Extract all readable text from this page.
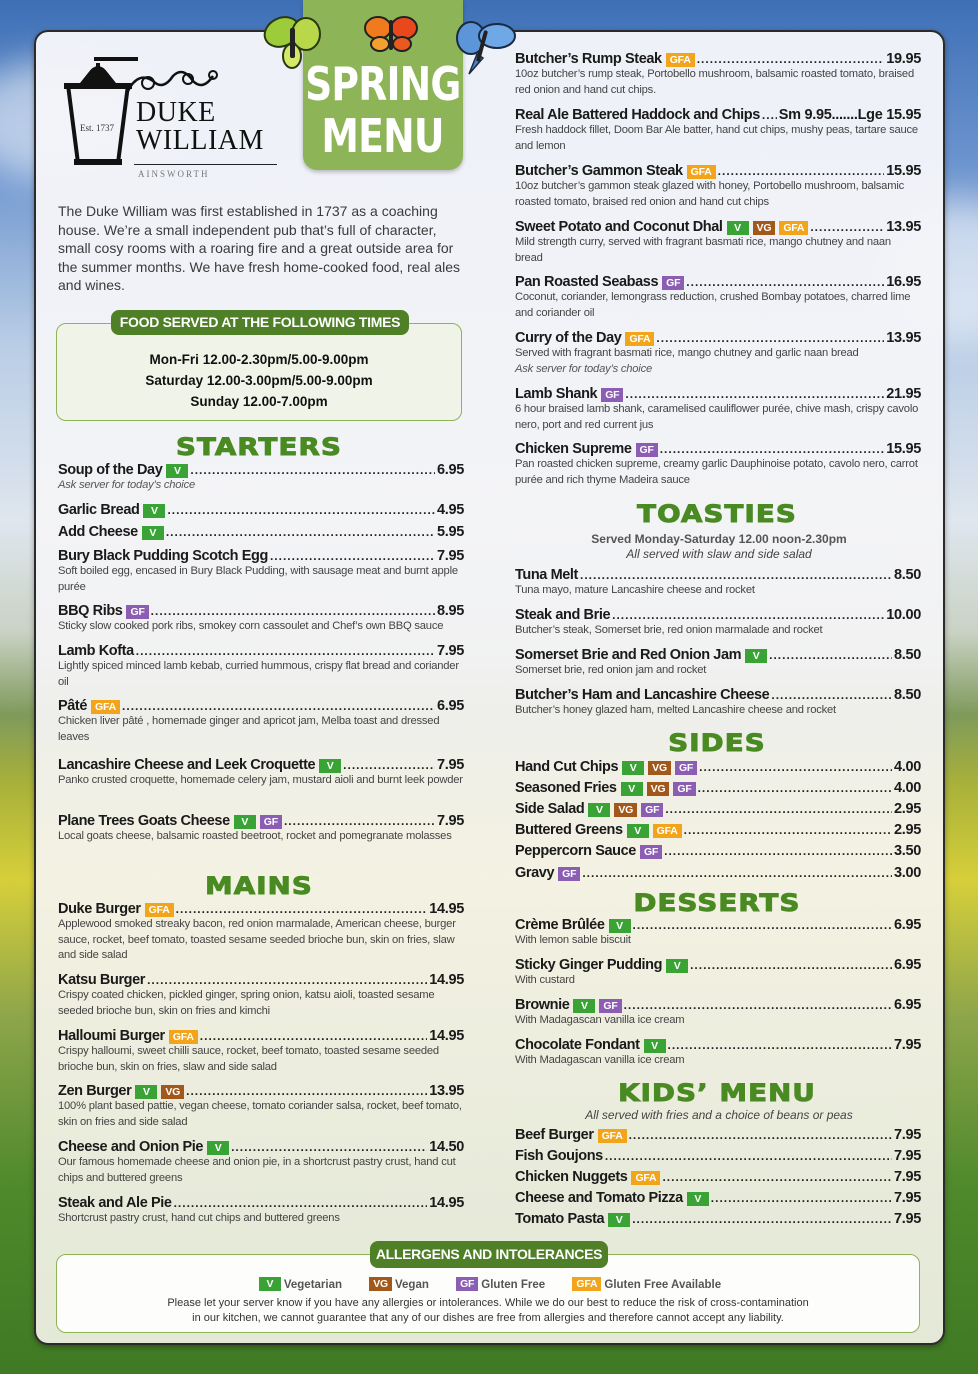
Est. 1737 DUKE
WILLIAM
AINSWORTH
SPRING
MENU

The Duke William was first established in 1737 as a coaching house. We’re a small independent pub that’s full of character, small cosy rooms with a roaring fire and a great outside area for the summer months. We have fresh home-cooked food, real ales and wines.

FOOD SERVED AT THE FOLLOWING TIMES
Mon-Fri 12.00-2.30pm/5.00-9.00pm
Saturday 12.00-3.00pm/5.00-9.00pm
Sunday 12.00-7.00pm
STARTERS
MAINS
TOASTIES
Served Monday-Saturday 12.00 noon-2.30pm
All served with slaw and side salad
SIDES
DESSERTS
KIDS’ MENU
All served with fries and a choice of beans or peas
Soup of the Day	V .....	6.95
Ask server for today’s choice
Garlic Bread	V .....	4.95
Add Cheese	V .....	5.95
Bury Black Pudding Scotch Egg .....	7.95
Soft boiled egg, encased in Bury Black Pudding, with sausage meat and burnt apple purée
BBQ Ribs GF .....	8.95
Sticky slow cooked pork ribs, smokey corn cassoulet and Chef’s own BBQ sauce
Lamb Kofta .....	7.95
Lightly spiced minced lamb kebab, curried hummous, crispy flat bread and coriander oil
Pâté GFA .....	6.95
Chicken liver pâté , homemade ginger and apricot jam, Melba toast and dressed leaves
Lancashire Cheese and Leek Croquette	V .....	7.95
Panko crusted croquette, homemade celery jam, mustard aioli and burnt leek powder
Plane Trees Goats Cheese	V	GF .....	7.95
Local goats cheese, balsamic roasted beetroot, rocket and pomegranate molasses
Duke Burger GFA .....	14.95
Applewood smoked streaky bacon, red onion marmalade, American cheese, burger sauce, rocket, beef tomato, toasted sesame seeded brioche bun, skin on fries, slaw and side salad
Katsu Burger .....	14.95
Crispy coated chicken, pickled ginger, spring onion, katsu aioli, toasted sesame seeded brioche bun, skin on fries and kimchi
Halloumi Burger GFA .....	14.95
Crispy halloumi, sweet chilli sauce, rocket, beef tomato, toasted sesame seeded brioche bun, skin on fries, slaw and side salad
Zen Burger	V	VG .....	13.95
100% plant based pattie, vegan cheese, tomato coriander salsa, rocket, beef tomato, skin on fries and side salad
Cheese and Onion Pie	V .....	14.50
Our famous homemade cheese and onion pie, in a shortcrust pastry crust, hand cut chips and buttered greens
Steak and Ale Pie .....	14.95
Shortcrust pastry crust, hand cut chips and buttered greens
Butcher’s Rump Steak GFA .....	19.95
10oz butcher’s rump steak, Portobello mushroom, balsamic roasted tomato, braised red onion and hand cut chips.
Real Ale Battered Haddock and Chips ..... Sm 9.95.......Lge 15.95
Fresh haddock fillet, Doom Bar Ale batter, hand cut chips, mushy peas, tartare sauce and lemon
Butcher’s Gammon Steak GFA .....	15.95
10oz butcher’s gammon steak glazed with honey, Portobello mushroom, balsamic roasted tomato, braised red onion and hand cut chips
Sweet Potato and Coconut Dhal	V	VG	GFA .....	13.95
Mild strength curry, served with fragrant basmati rice, mango chutney and naan bread
Pan Roasted Seabass GF .....	16.95
Coconut, coriander, lemongrass reduction, crushed Bombay potatoes, charred lime and coriander oil
Curry of the Day GFA .....	13.95
Served with fragrant basmati rice, mango chutney and garlic naan bread
Ask server for today’s choice
Lamb Shank GF .....	21.95
6 hour braised lamb shank, caramelised cauliflower purée, chive mash, crispy cavolo nero, port and red current jus
Chicken Supreme GF .....	15.95
Pan roasted chicken supreme, creamy garlic Dauphinoise potato, cavolo nero, carrot purée and rich thyme Madeira sauce
Tuna Melt .....	8.50
Tuna mayo, mature Lancashire cheese and rocket
Steak and Brie .....	10.00
Butcher’s steak, Somerset brie, red onion marmalade and rocket
Somerset Brie and Red Onion Jam	V .....	8.50
Somerset brie, red onion jam and rocket
Butcher’s Ham and Lancashire Cheese .....	8.50
Butcher’s honey glazed ham, melted Lancashire cheese and rocket
Hand Cut Chips	V	VG	GF .....	4.00
Seasoned Fries	V	VG	GF .....	4.00
Side Salad	V	VG	GF .....	2.95
Buttered Greens	V	GFA .....	2.95
Peppercorn Sauce GF .....	3.50
Gravy GF .....	3.00
Crème Brûlée	V .....	6.95
With lemon sable biscuit
Sticky Ginger Pudding	V .....	6.95
With custard
Brownie	V	GF .....	6.95
With Madagascan vanilla ice cream
Chocolate Fondant	V .....	7.95
With Madagascan vanilla ice cream
Beef Burger GFA .....	7.95
Fish Goujons .....	7.95
Chicken Nuggets GFA .....	7.95
Cheese and Tomato Pizza	V .....	7.95
Tomato Pasta	V .....	7.95
ALLERGENS AND INTOLERANCES
V Vegetarian	VG Vegan	GF Gluten Free	GFA Gluten Free Available
Please let your server know if you have any allergies or intolerances. While we do our best to reduce the risk of cross-contamination
in our kitchen, we cannot guarantee that any of our dishes are free from allergies and therefore cannot accept any liability.
